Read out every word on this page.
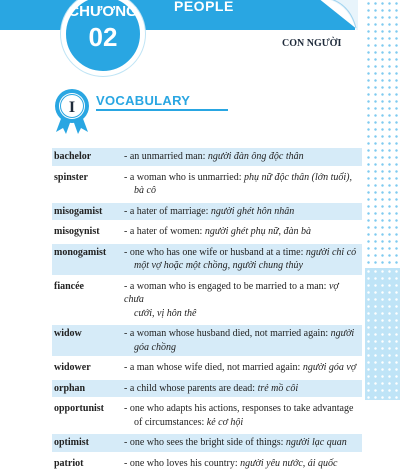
PEOPLE
CHƯƠNG
02	CON NGƯỜI
I VOCABULARY
bachelor	- an unmarried man: người đàn ông độc thân
spinster	- a woman who is unmarried: phụ nữ độc thân (lớn tuổi),
bà cô
misogamist	- a hater of marriage: người ghét hôn nhân
misogynist	- a hater of women: người ghét phụ nữ, đàn bà
monogamist	- one who has one wife or husband at a time: người chỉ có
một vợ hoặc một chồng, người chung thủy
fiancée	- a woman who is engaged to be married to a man: vợ chưa
cưới, vị hôn thê
widow	- a woman whose husband died, not married again: người
góa chồng
widower	- a man whose wife died, not married again: người góa vợ
orphan	- a child whose parents are dead: trẻ mồ côi
opportunist	- one who adapts his actions, responses to take advantage
of circumstances: kẻ cơ hội
optimist	- one who sees the bright side of things: người lạc quan
patriot	- one who loves his country: người yêu nước, ái quốc
